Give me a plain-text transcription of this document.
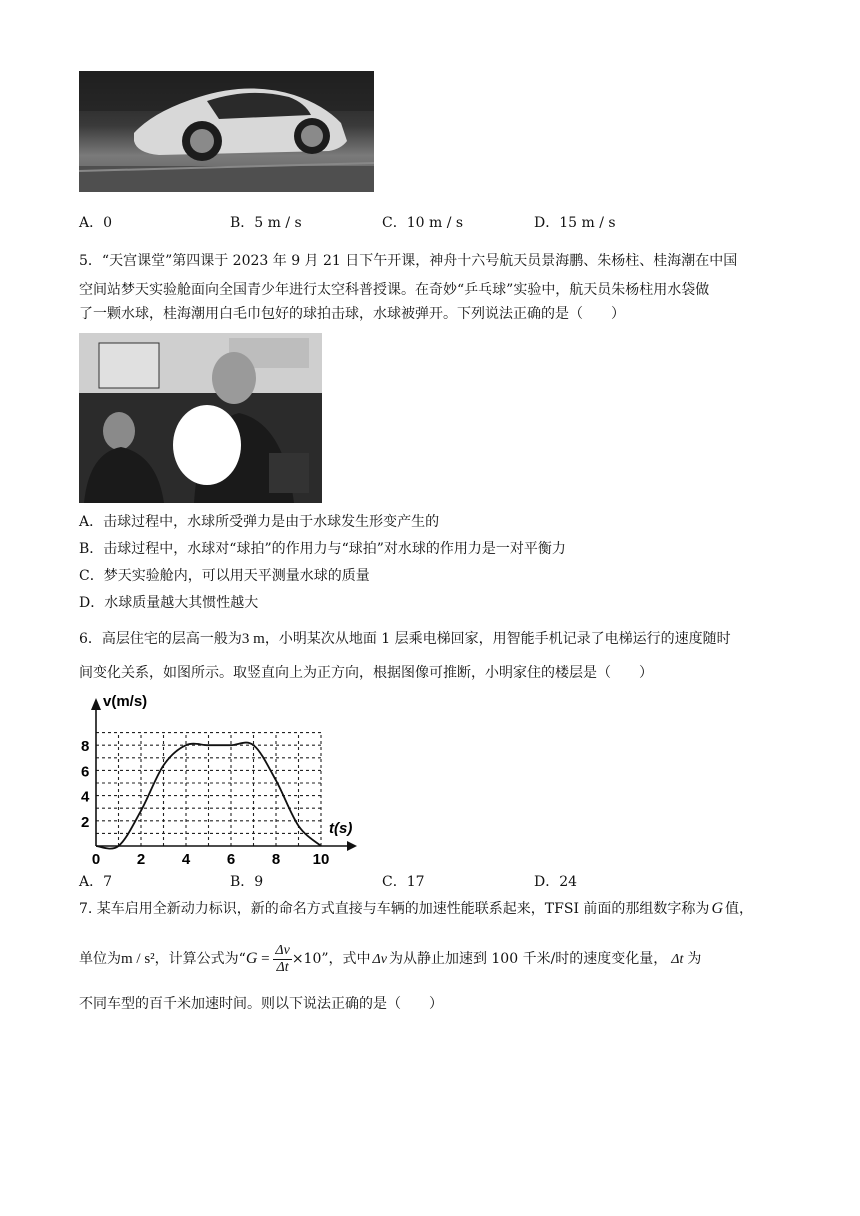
A．0	B．5 m / s	C．10 m / s	D．15 m / s
5．“天宫课堂”第四课于 2023 年 9 月 21 日下午开课，神舟十六号航天员景海鹏、朱杨柱、桂海潮在中国
空间站梦天实验舱面向全国青少年进行太空科普授课。在奇妙“乒乓球”实验中，航天员朱杨柱用水袋做
了一颗水球，桂海潮用白毛巾包好的球拍击球，水球被弹开。下列说法正确的是（　　）
A．击球过程中，水球所受弹力是由于水球发生形变产生的
B．击球过程中，水球对“球拍”的作用力与“球拍”对水球的作用力是一对平衡力
C．梦天实验舱内，可以用天平测量水球的质量
D．水球质量越大其惯性越大
6．高层住宅的层高一般为3 m，小明某次从地面 1 层乘电梯回家，用智能手机记录了电梯运行的速度随时
间变化关系，如图所示。取竖直向上为正方向，根据图像可推断，小明家住的楼层是（　　）
v(m/s)
t(s)
0 2 4 6 8 10
2
4
6
8
A．7	B．9	C．17	D．24
7. 某车启用全新动力标识，新的命名方式直接与车辆的加速性能联系起来，TFSI 前面的那组数字称为 G 值，
单位为m / s²，计算公式为“$G = \frac{\Delta v}{\Delta t} \times 10$”，式中 Δv 为从静止加速到 100 千米/时的速度变化量， Δt 为
不同车型的百千米加速时间。则以下说法正确的是（　　）
